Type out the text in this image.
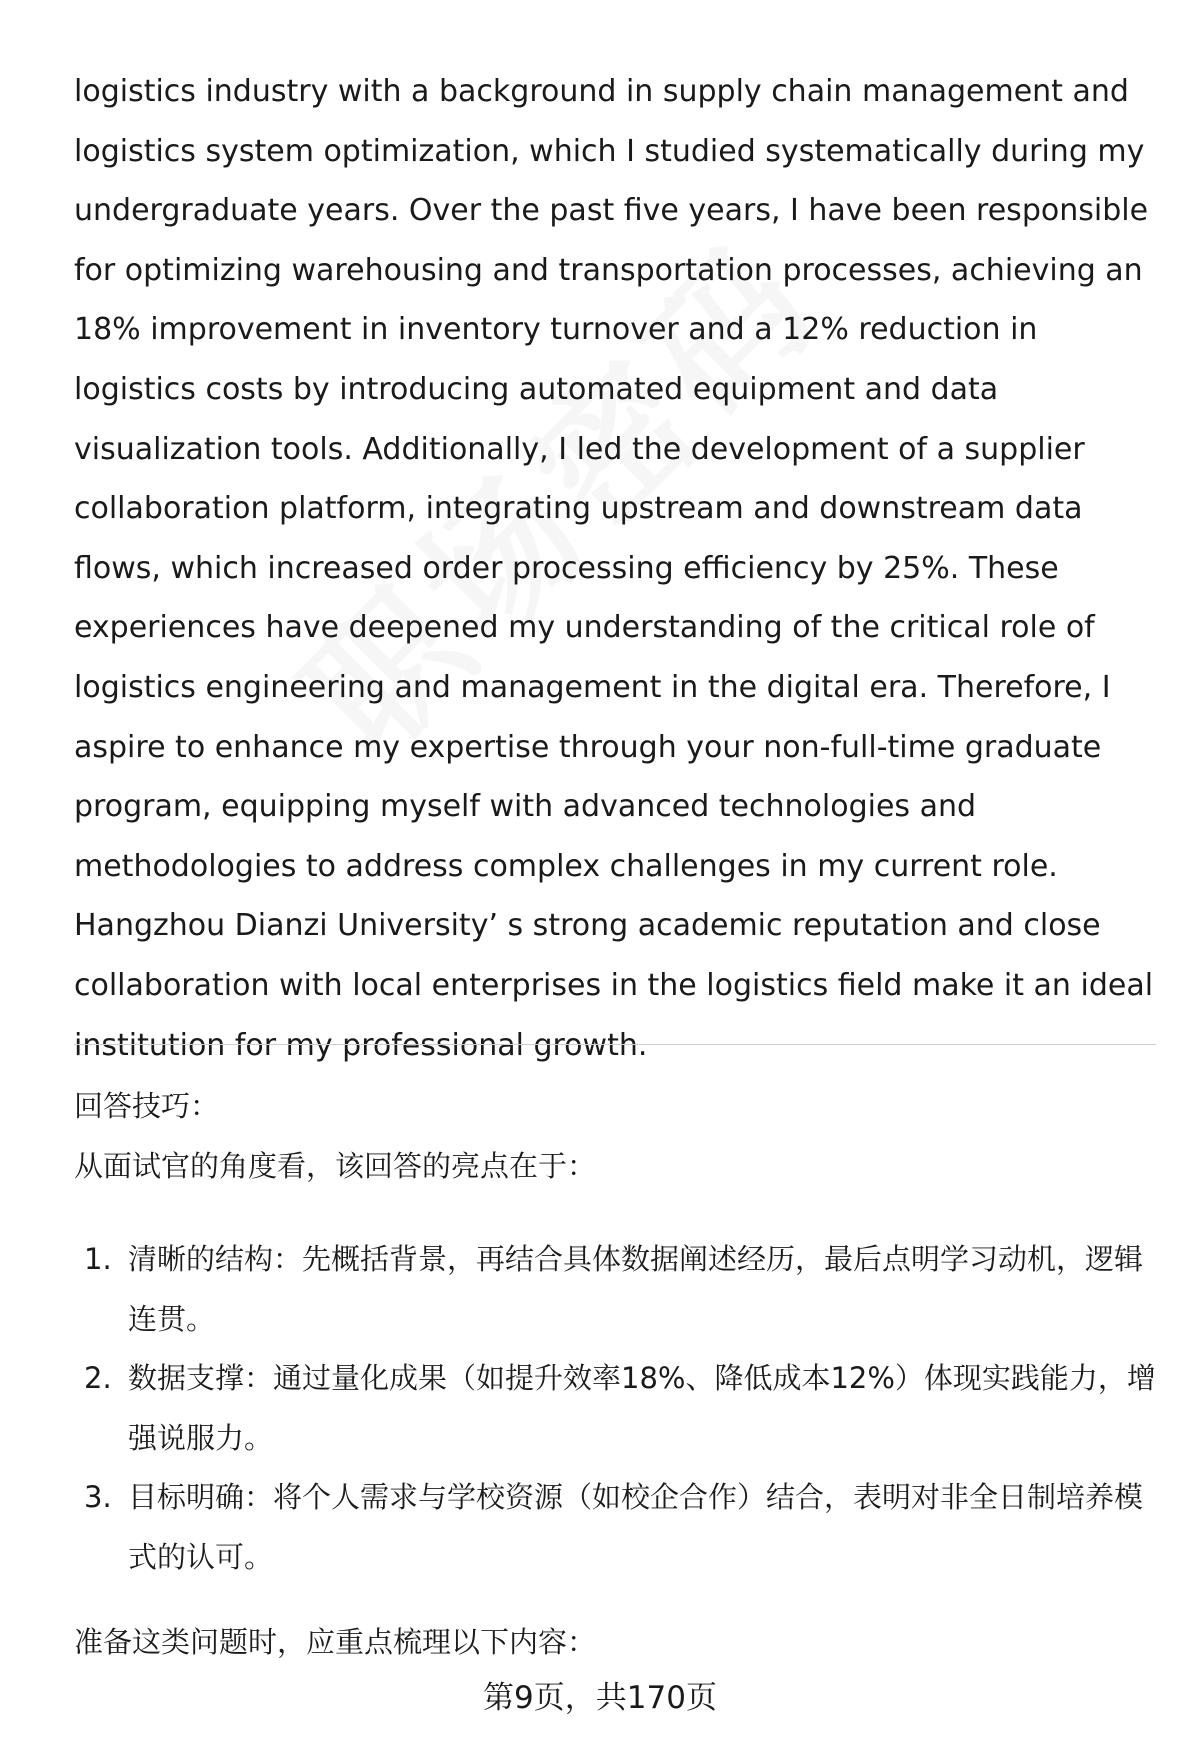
logistics industry with a background in supply chain management and logistics system optimization, which I studied systematically during my undergraduate years. Over the past five years, I have been responsible for optimizing warehousing and transportation processes, achieving an 18% improvement in inventory turnover and a 12% reduction in logistics costs by introducing automated equipment and data visualization tools. Additionally, I led the development of a supplier collaboration platform, integrating upstream and downstream data flows, which increased order processing efficiency by 25%. These experiences have deepened my understanding of the critical role of logistics engineering and management in the digital era. Therefore, I aspire to enhance my expertise through your non-full-time graduate program, equipping myself with advanced technologies and methodologies to address complex challenges in my current role. Hangzhou Dianzi University’ s strong academic reputation and close collaboration with local enterprises in the logistics field make it an ideal institution for my professional growth.

回答技巧：

从面试官的角度看，该回答的亮点在于：

1. 清晰的结构：先概括背景，再结合具体数据阐述经历，最后点明学习动机，逻辑连贯。
2. 数据支撑：通过量化成果（如提升效率18%、降低成本12%）体现实践能力，增强说服力。
3. 目标明确：将个人需求与学校资源（如校企合作）结合，表明对非全日制培养模式的认可。

准备这类问题时，应重点梳理以下内容：

第9页，共170页
